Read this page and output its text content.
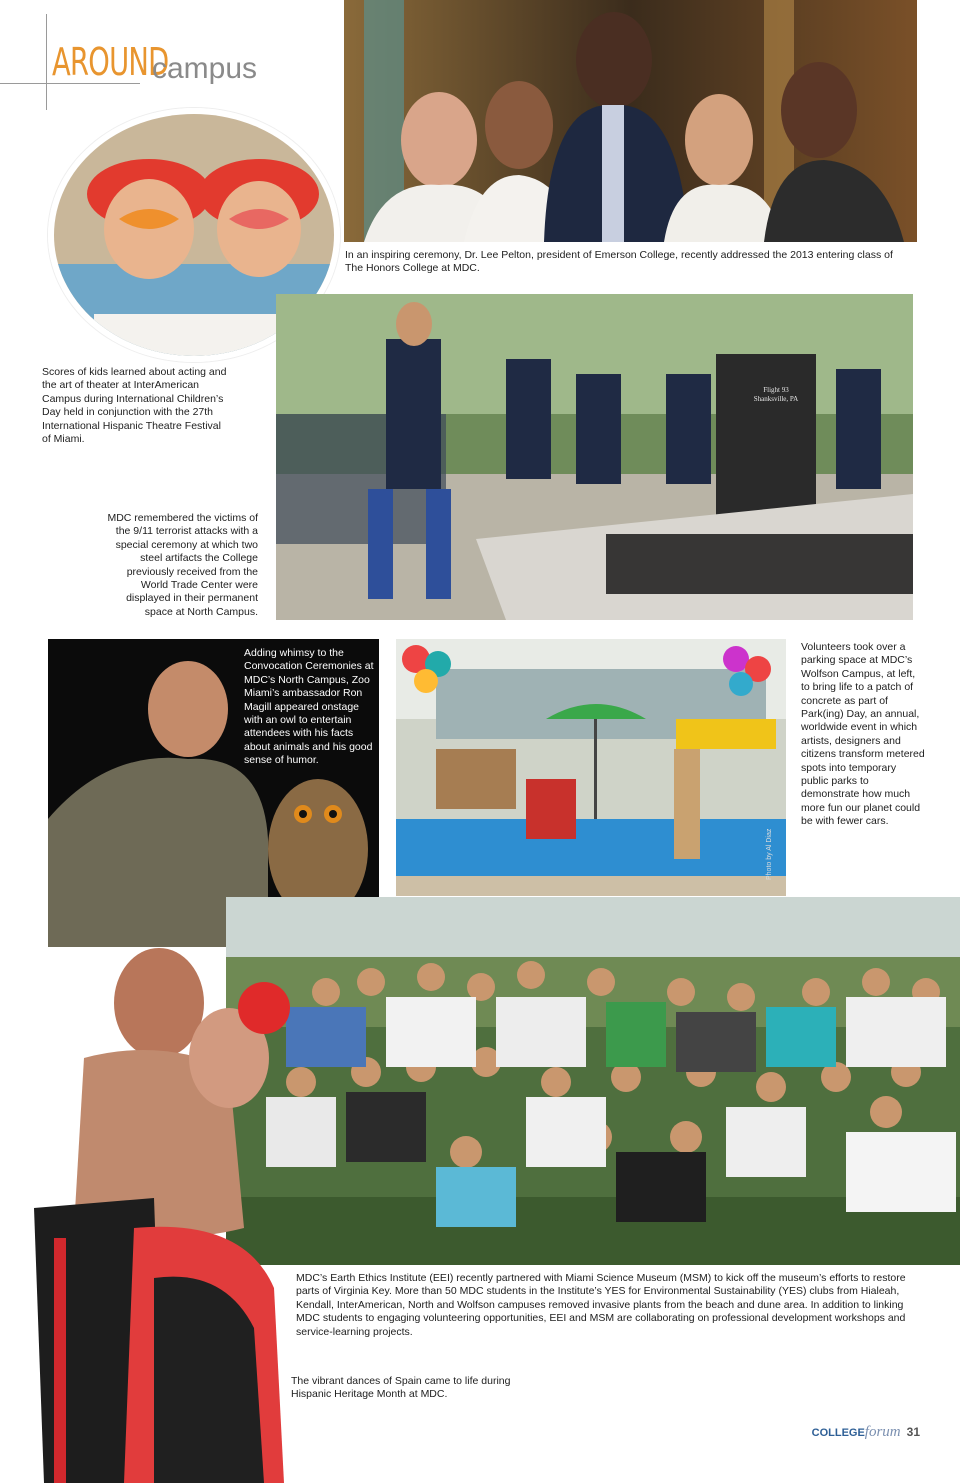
AROUND
campus
In an inspiring ceremony, Dr. Lee Pelton, president of Emerson College, recently addressed the 2013 entering class of The Honors College at MDC.
Scores of kids learned about acting and the art of theater at InterAmerican Campus during International Children’s Day held in conjunction with the 27th International Hispanic Theatre Festival of Miami.
Flight 93
Shanksville, PA
MDC remembered the victims of the 9/11 terrorist attacks with a special ceremony at which two steel artifacts the College previously received from the World Trade Center were displayed in their permanent space at North Campus.
Adding whimsy to the Convocation Ceremonies at MDC’s North Campus, Zoo Miami’s ambassador Ron Magill appeared onstage with an owl to entertain attendees with his facts about animals and his good sense of humor.
Photo by Al Diaz
Volunteers took over a parking space at MDC’s Wolfson Campus, at left, to bring life to a patch of concrete as part of Park(ing) Day, an annual, worldwide event in which artists, designers and citizens transform metered spots into temporary public parks to demonstrate how much more fun our planet could be with fewer cars.
MDC’s Earth Ethics Institute (EEI) recently partnered with Miami Science Museum (MSM) to kick off the museum’s efforts to restore parts of Virginia Key. More than 50 MDC students in the Institute’s YES for Environmental Sustainability (YES) clubs from Hialeah, Kendall, InterAmerican, North and Wolfson campuses removed invasive plants from the beach and dune area. In addition to linking MDC students to engaging volunteering opportunities, EEI and MSM are collaborating on professional development workshops and service-learning projects.
The vibrant dances of Spain came to life during Hispanic Heritage Month at MDC.
COLLEGEforum 31
